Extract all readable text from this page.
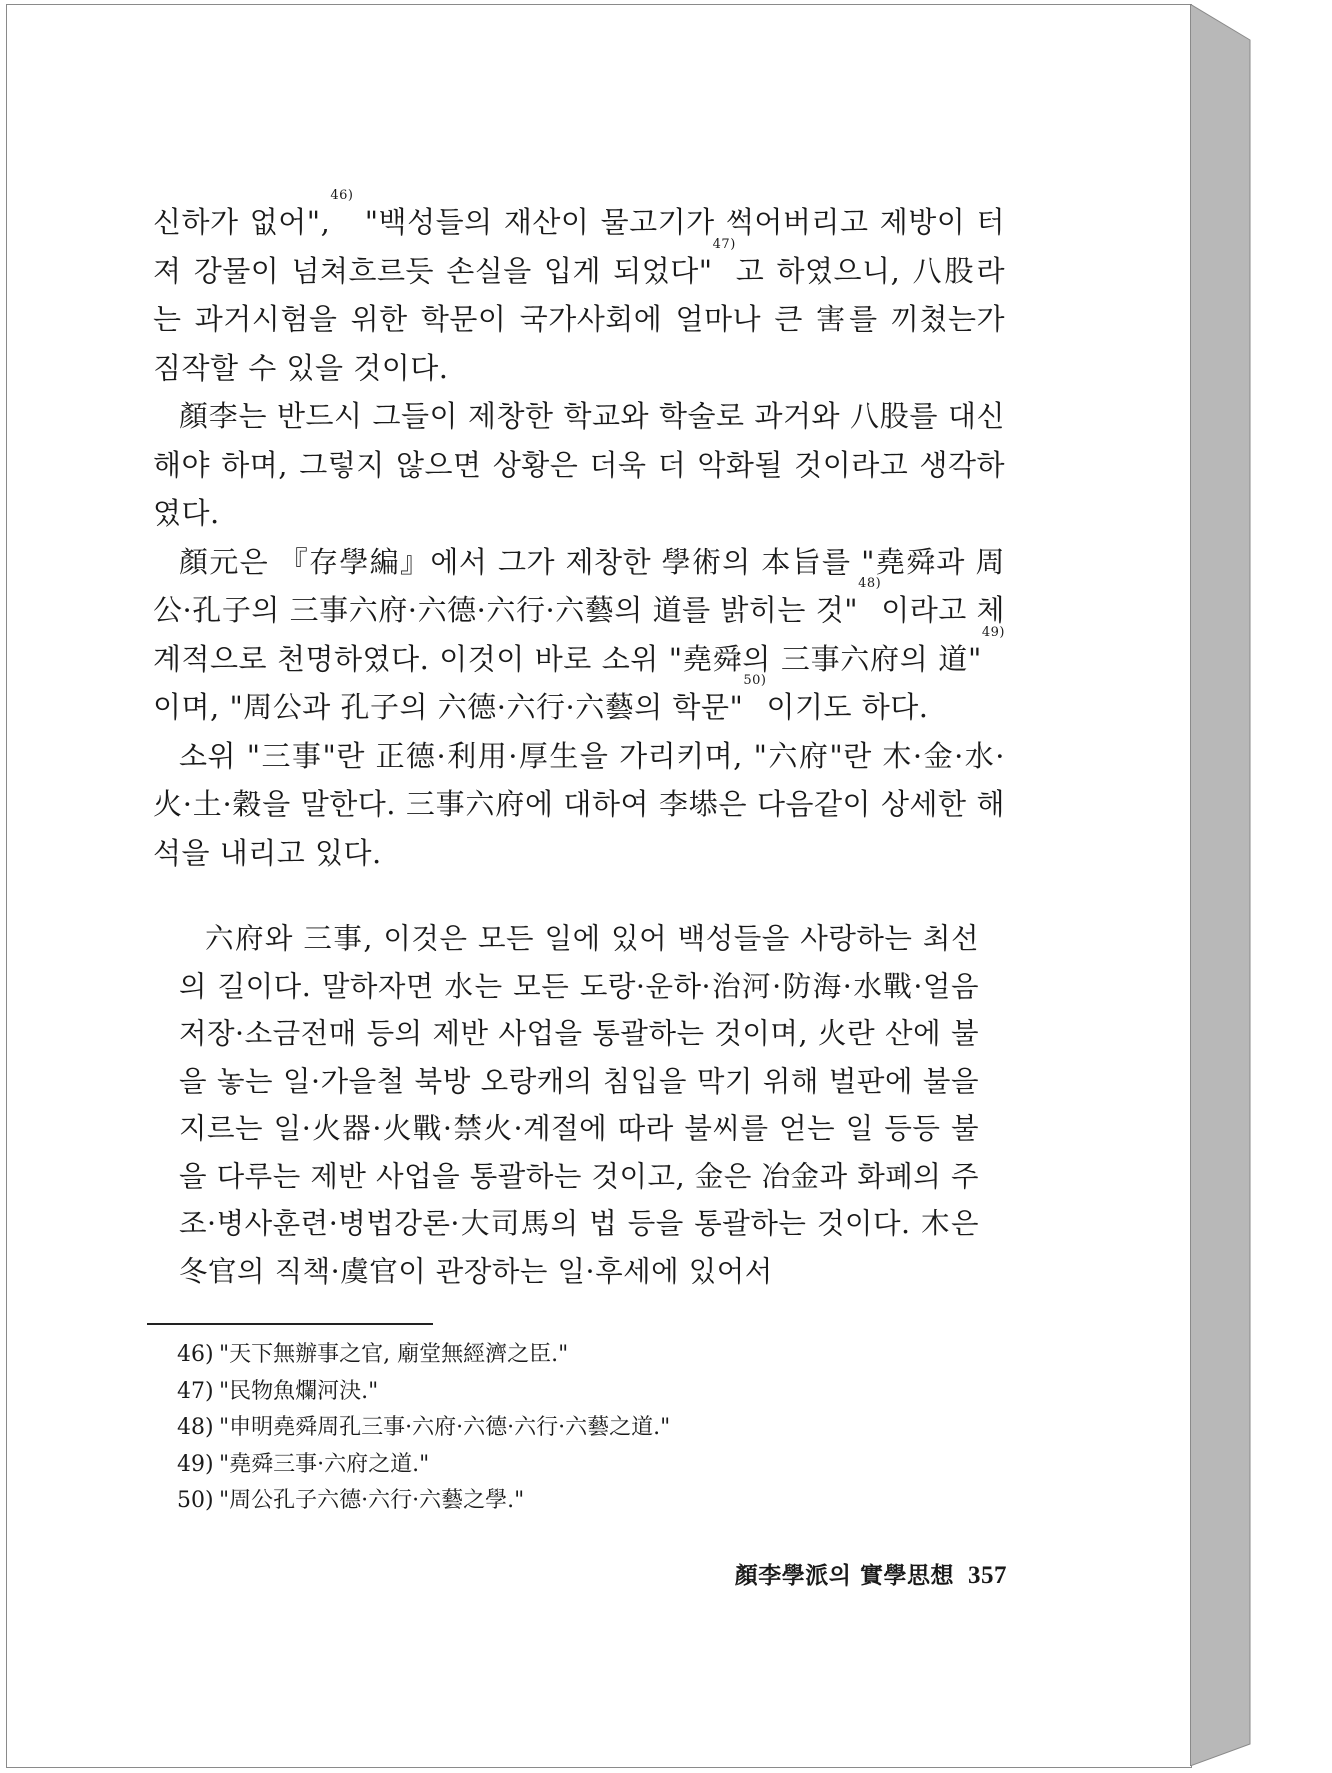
신하가 없어",$^{46)}$ "백성들의 재산이 물고기가 썩어버리고 제방이 터져 강물이 넘쳐흐르듯 손실을 입게 되었다"$^{47)}$고 하였으니, 八股라는 과거시험을 위한 학문이 국가사회에 얼마나 큰 害를 끼쳤는가 짐작할 수 있을 것이다.

顏李는 반드시 그들이 제창한 학교와 학술로 과거와 八股를 대신해야 하며, 그렇지 않으면 상황은 더욱 더 악화될 것이라고 생각하였다.

顏元은 『存學編』에서 그가 제창한 學術의 本旨를 "堯舜과 周公·孔子의 三事六府·六德·六行·六藝의 道를 밝히는 것"$^{48)}$이라고 체계적으로 천명하였다. 이것이 바로 소위 "堯舜의 三事六府의 道"$^{49)}$이며, "周公과 孔子의 六德·六行·六藝의 학문"$^{50)}$이기도 하다.

소위 "三事"란 正德·利用·厚生을 가리키며, "六府"란 木·金·水·火·土·穀을 말한다. 三事六府에 대하여 李塨은 다음같이 상세한 해석을 내리고 있다.

六府와 三事, 이것은 모든 일에 있어 백성들을 사랑하는 최선의 길이다. 말하자면 水는 모든 도랑·운하·治河·防海·水戰·얼음저장·소금전매 등의 제반 사업을 통괄하는 것이며, 火란 산에 불을 놓는 일·가을철 북방 오랑캐의 침입을 막기 위해 벌판에 불을 지르는 일·火器·火戰·禁火·계절에 따라 불씨를 얻는 일 등등 불을 다루는 제반 사업을 통괄하는 것이고, 金은 冶金과 화폐의 주조·병사훈련·병법강론·大司馬의 법 등을 통괄하는 것이다. 木은 冬官의 직책·虞官이 관장하는 일·후세에 있어서

46) "天下無辦事之官, 廟堂無經濟之臣."

47) "民物魚爛河決."

48) "申明堯舜周孔三事·六府·六德·六行·六藝之道."

49) "堯舜三事·六府之道."

50) "周公孔子六德·六行·六藝之學."

顏李學派의 實學思想 357
